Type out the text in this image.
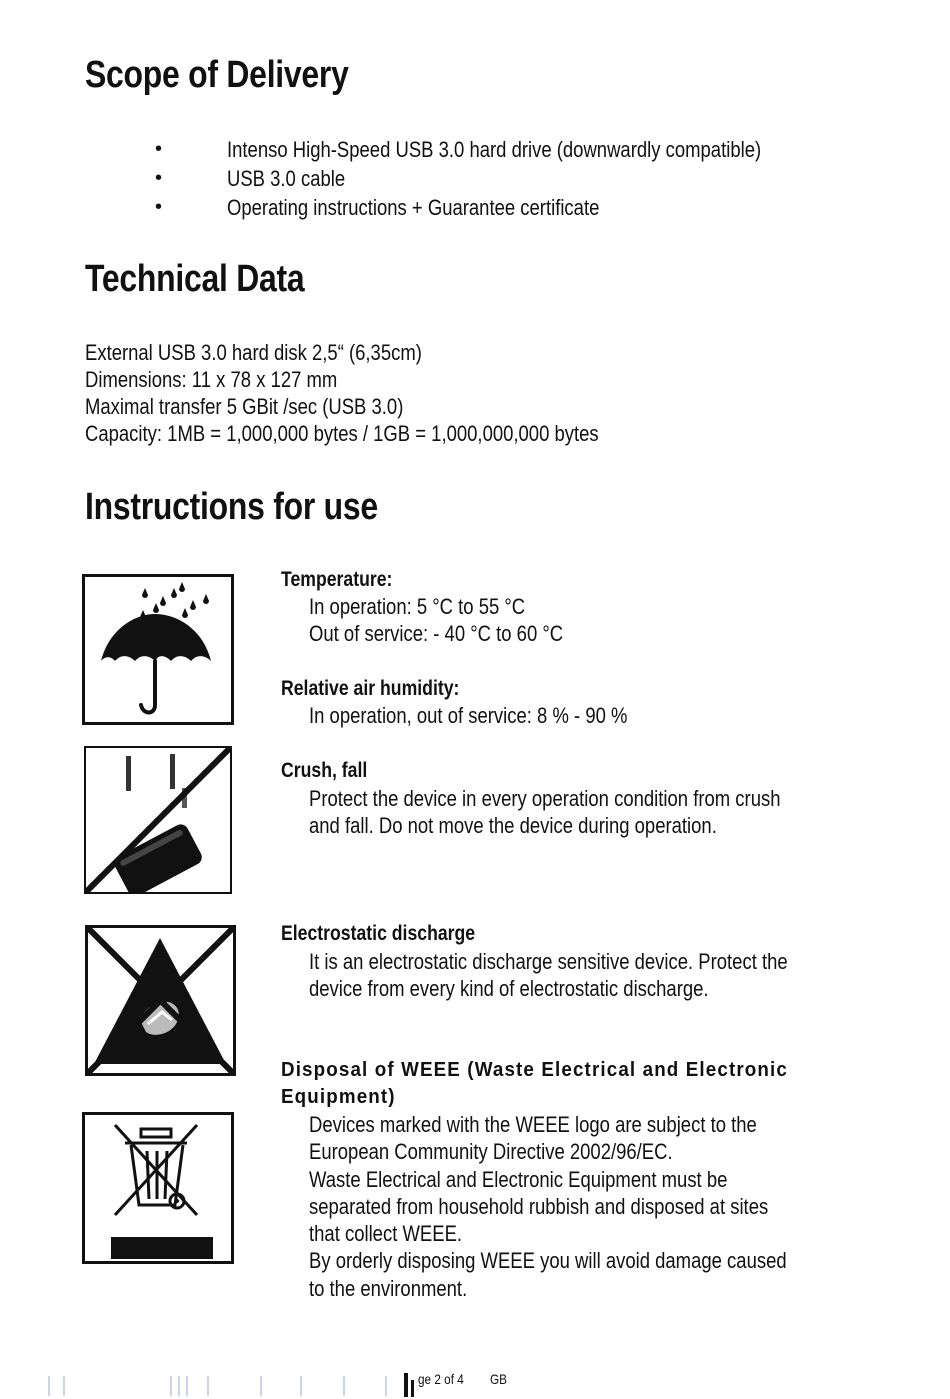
Scope of Delivery
•	Intenso High-Speed USB 3.0 hard drive (downwardly compatible)
•	USB 3.0 cable
•	Operating instructions + Guarantee certificate
Technical Data
External USB 3.0 hard disk 2,5“ (6,35cm)
Dimensions: 11 x 78 x 127 mm
Maximal transfer 5 GBit /sec (USB 3.0)
Capacity: 1MB = 1,000,000 bytes / 1GB = 1,000,000,000 bytes
Instructions for use
Temperature:
In operation: 5 °C to 55 °C
Out of service: - 40 °C to 60 °C
Relative air humidity:
In operation, out of service: 8 % - 90 %
Crush, fall
Protect the device in every operation condition from crush
and fall. Do not move the device during operation.
Electrostatic discharge
It is an electrostatic discharge sensitive device. Protect the
device from every kind of electrostatic discharge.
Disposal of WEEE (Waste Electrical and Electronic
Equipment)
Devices marked with the WEEE logo are subject to the
European Community Directive 2002/96/EC.
Waste Electrical and Electronic Equipment must be
separated from household rubbish and disposed at sites
that collect WEEE.
By orderly disposing WEEE you will avoid damage caused
to the environment.
ge 2 of 4	GB
